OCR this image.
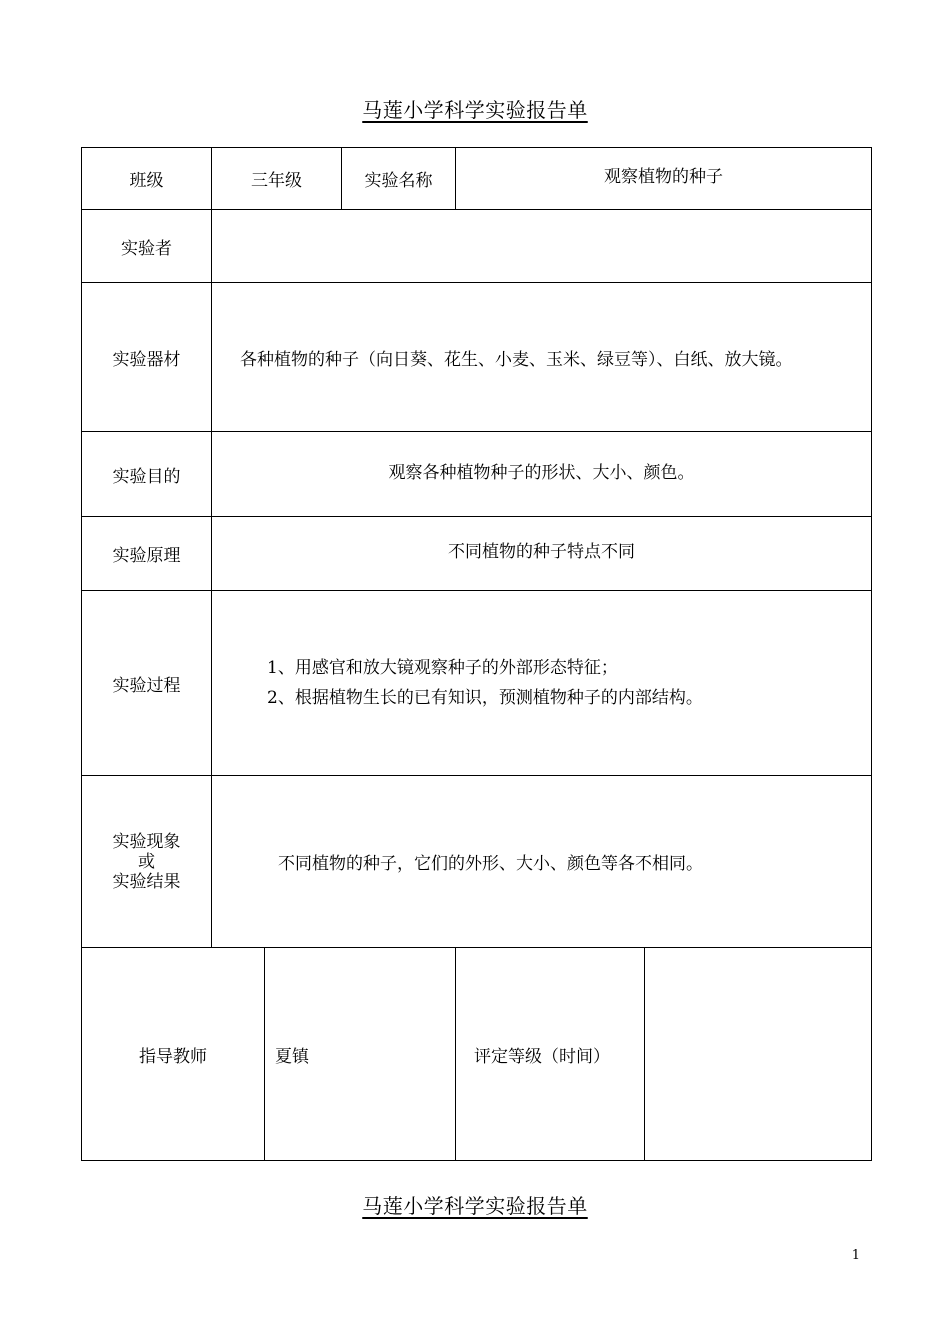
马莲小学科学实验报告单
班级	三年级	实验名称	观察植物的种子
实验者			
实验器材	各种植物的种子（向日葵、花生、小麦、玉米、绿豆等）、白纸、放大镜。		
实验目的	观察各种植物种子的形状、大小、颜色。		
实验原理	不同植物的种子特点不同		
实验过程	1、用感官和放大镜观察种子的外部形态特征；
2、根据植物生长的已有知识，预测植物种子的内部结构。		

实验现象
或
实验结果	不同植物的种子，它们的外形、大小、颜色等各不相同。		
指导教师	夏镇	评定等级（时间）	
马莲小学科学实验报告单
1
